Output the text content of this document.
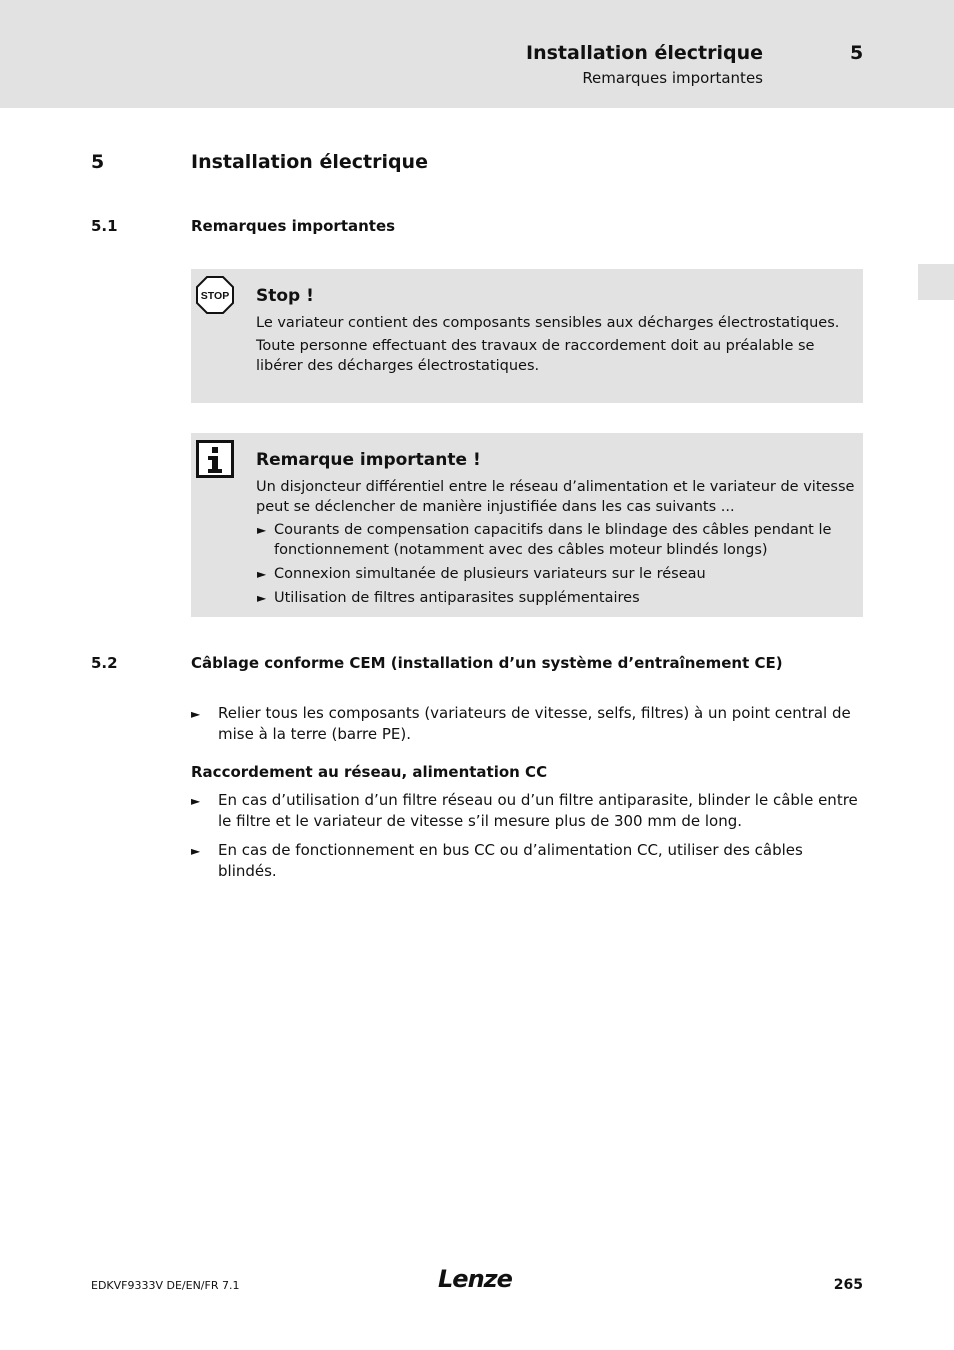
Installation électrique	5
Remarques importantes
5	Installation électrique
5.1	Remarques importantes
STOP Stop !

Le variateur contient des composants sensibles aux décharges électrostatiques.

Toute personne effectuant des travaux de raccordement doit au préalable se libérer des décharges électrostatiques.

Remarque importante !

Un disjoncteur différentiel entre le réseau d’alimentation et le variateur de vitesse peut se déclencher de manière injustifiée dans les cas suivants ...

► Courants de compensation capacitifs dans le blindage des câbles pendant le fonctionnement (notamment avec des câbles moteur blindés longs)
► Connexion simultanée de plusieurs variateurs sur le réseau
► Utilisation de filtres antiparasites supplémentaires
5.2	Câblage conforme CEM (installation d’un système d’entraînement CE)
► Relier tous les composants (variateurs de vitesse, selfs, filtres) à un point central de mise à la terre (barre PE).
Raccordement au réseau, alimentation CC
► En cas d’utilisation d’un filtre réseau ou d’un filtre antiparasite, blinder le câble entre le filtre et le variateur de vitesse s’il mesure plus de 300 mm de long.
► En cas de fonctionnement en bus CC ou d’alimentation CC, utiliser des câbles blindés.
EDKVF9333V DE/EN/FR 7.1	Lenze	265
